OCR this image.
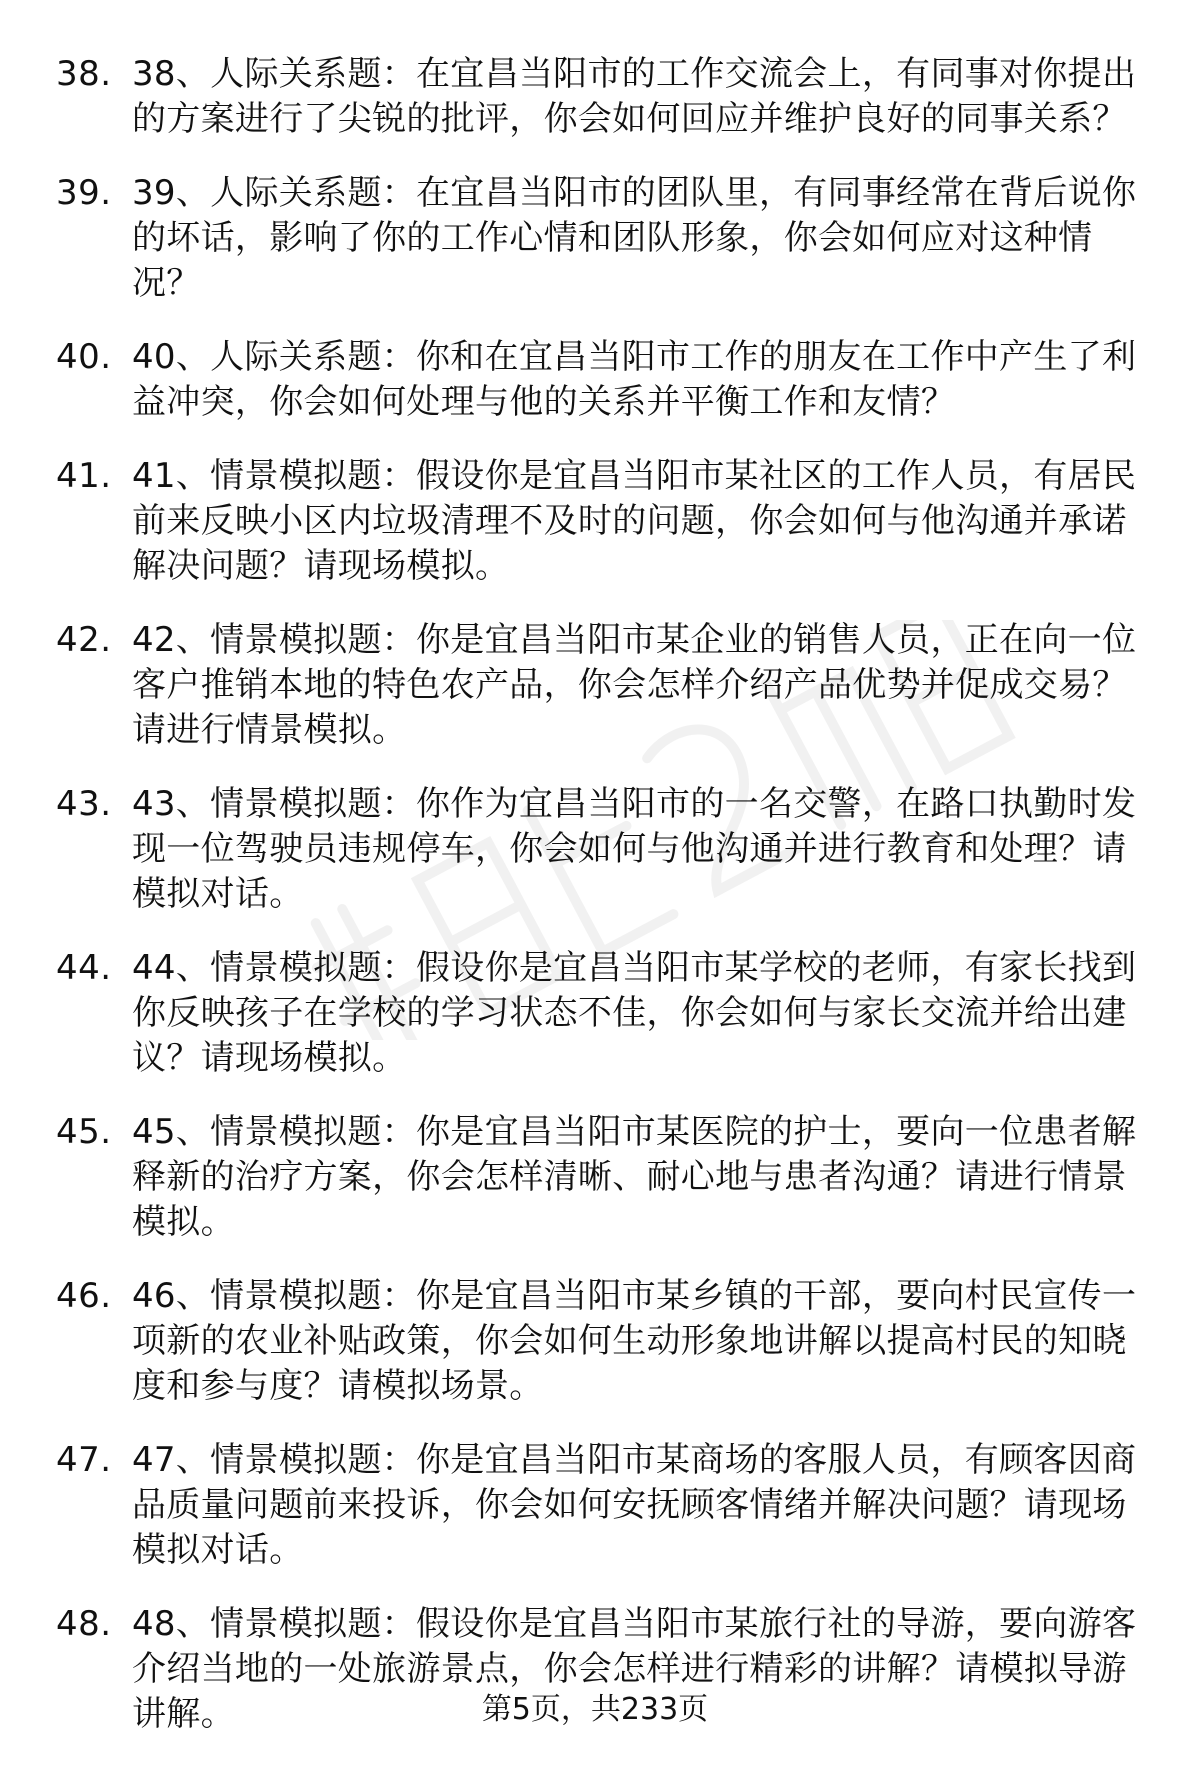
38. 38、人际关系题：在宜昌当阳市的工作交流会上，有同事对你提出的方案进行了尖锐的批评，你会如何回应并维护良好的同事关系？
39. 39、人际关系题：在宜昌当阳市的团队里，有同事经常在背后说你的坏话，影响了你的工作心情和团队形象，你会如何应对这种情况？
40. 40、人际关系题：你和在宜昌当阳市工作的朋友在工作中产生了利益冲突，你会如何处理与他的关系并平衡工作和友情？
41. 41、情景模拟题：假设你是宜昌当阳市某社区的工作人员，有居民前来反映小区内垃圾清理不及时的问题，你会如何与他沟通并承诺解决问题？请现场模拟。
42. 42、情景模拟题：你是宜昌当阳市某企业的销售人员，正在向一位客户推销本地的特色农产品，你会怎样介绍产品优势并促成交易？请进行情景模拟。
43. 43、情景模拟题：你作为宜昌当阳市的一名交警，在路口执勤时发现一位驾驶员违规停车，你会如何与他沟通并进行教育和处理？请模拟对话。
44. 44、情景模拟题：假设你是宜昌当阳市某学校的老师，有家长找到你反映孩子在学校的学习状态不佳，你会如何与家长交流并给出建议？请现场模拟。
45. 45、情景模拟题：你是宜昌当阳市某医院的护士，要向一位患者解释新的治疗方案，你会怎样清晰、耐心地与患者沟通？请进行情景模拟。
46. 46、情景模拟题：你是宜昌当阳市某乡镇的干部，要向村民宣传一项新的农业补贴政策，你会如何生动形象地讲解以提高村民的知晓度和参与度？请模拟场景。
47. 47、情景模拟题：你是宜昌当阳市某商场的客服人员，有顾客因商品质量问题前来投诉，你会如何安抚顾客情绪并解决问题？请现场模拟对话。
48. 48、情景模拟题：假设你是宜昌当阳市某旅行社的导游，要向游客介绍当地的一处旅游景点，你会怎样进行精彩的讲解？请模拟导游讲解。	第5页，共233页
